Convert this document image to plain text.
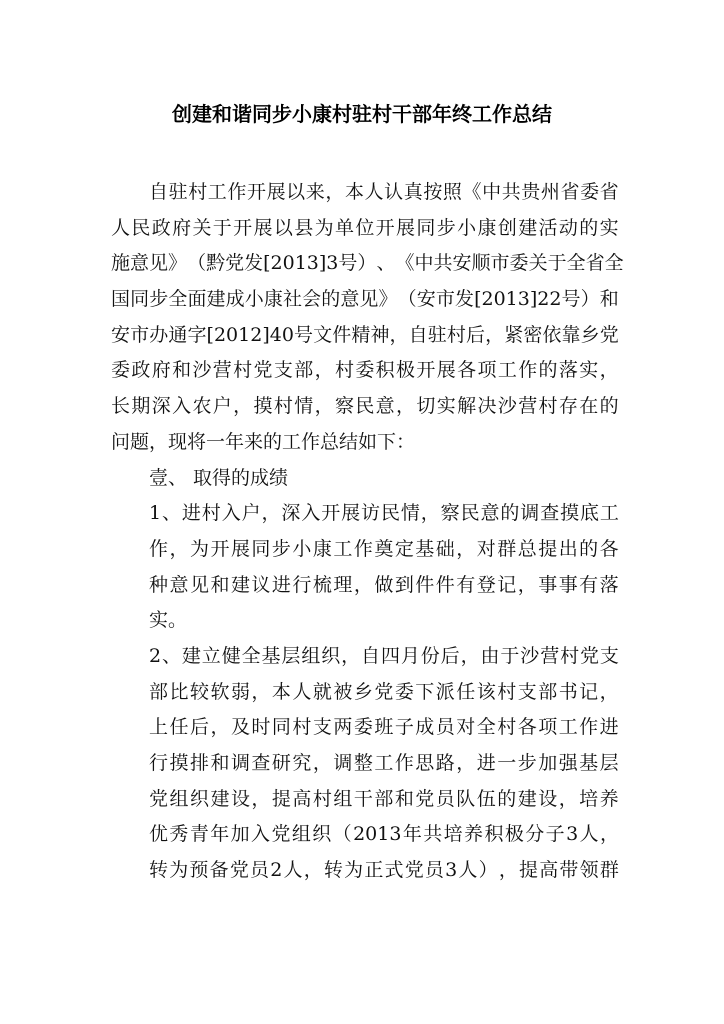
创建和谐同步小康村驻村干部年终工作总结
自 驻 村 工 作 开 展 以 来 ， 本 人 认 真 按 照 《 中 共 贵 州 省 委 省
人 民 政 府 关 于 开 展 以 县 为 单 位 开 展 同 步 小 康 创 建 活 动 的 实
施 意 见 》 （ 黔 党 发 [2013]3 号 ） 、 《 中 共 安 顺 市 委 关 于 全 省 全
国 同 步 全 面 建 成 小 康 社 会 的 意 见 》 （ 安 市 发 [2013]22 号 ） 和
安 市 办 通 字 [2012]40 号 文 件 精 神 ， 自 驻 村 后 ， 紧 密 依 靠 乡 党
委 政 府 和 沙 营 村 党 支 部 ， 村 委 积 极 开 展 各 项 工 作 的 落 实 ，
长 期 深 入 农 户 ， 摸 村 情 ， 察 民 意 ， 切 实 解 决 沙 营 村 存 在 的
问题，现将一年来的工作总结如下：
壹、 取得的成绩
1 、 进 村 入 户 ， 深 入 开 展 访 民 情 ， 察 民 意 的 调 查 摸 底 工
作 ， 为 开 展 同 步 小 康 工 作 奠 定 基 础 ， 对 群 总 提 出 的 各
种 意 见 和 建 议 进 行 梳 理 ， 做 到 件 件 有 登 记 ， 事 事 有 落
实。
2 、 建 立 健 全 基 层 组 织 ， 自 四 月 份 后 ， 由 于 沙 营 村 党 支
部 比 较 软 弱 ， 本 人 就 被 乡 党 委 下 派 任 该 村 支 部 书 记 ，
上 任 后 ， 及 时 同 村 支 两 委 班 子 成 员 对 全 村 各 项 工 作 进
行 摸 排 和 调 查 研 究 ， 调 整 工 作 思 路 ， 进 一 步 加 强 基 层
党 组 织 建 设 ， 提 高 村 组 干 部 和 党 员 队 伍 的 建 设 ， 培 养
优 秀 青 年 加 入 党 组 织 （ 2013 年 共 培 养 积 极 分 子 3 人 ，
转 为 预 备 党 员 2 人 ， 转 为 正 式 党 员 3 人 ） ， 提 高 带 领 群
